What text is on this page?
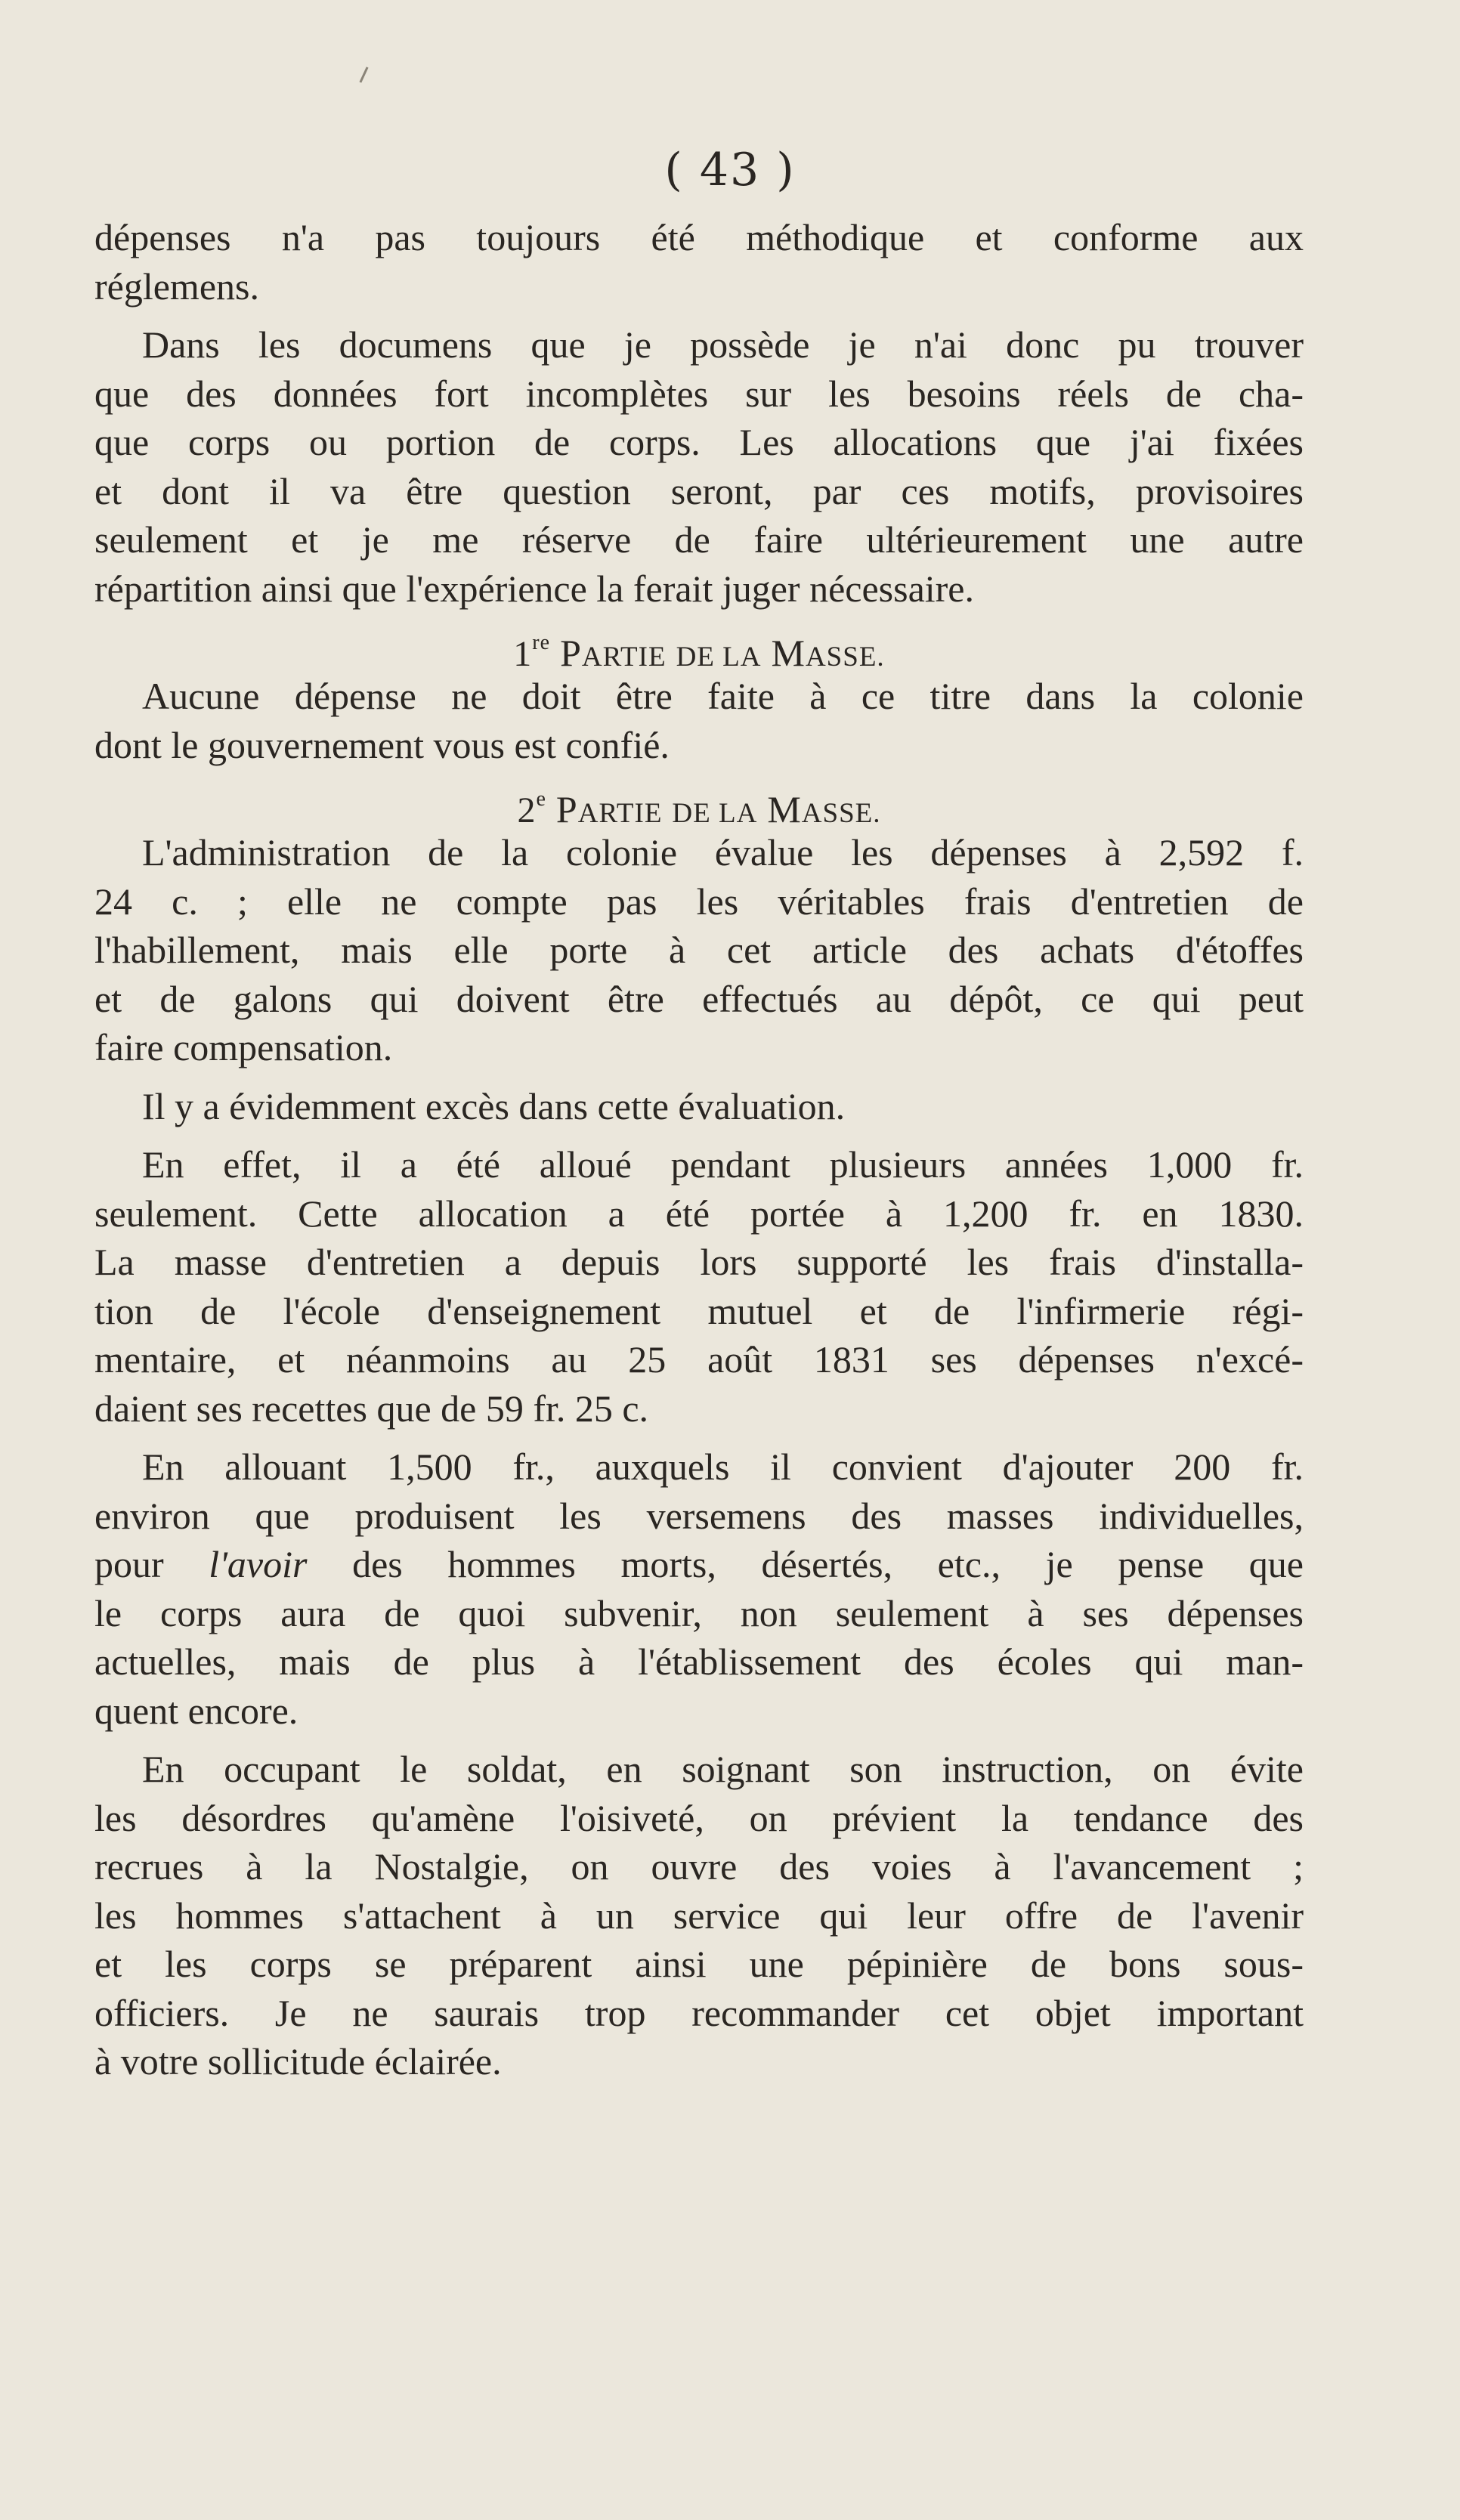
( 43 )
dépenses n'a pas toujours été méthodique et conforme aux
réglemens.
Dans les documens que je possède je n'ai donc pu trouver
que des données fort incomplètes sur les besoins réels de cha-
que corps ou portion de corps. Les allocations que j'ai fixées
et dont il va être question seront, par ces motifs, provisoires
seulement et je me réserve de faire ultérieurement une autre
répartition ainsi que l'expérience la ferait juger nécessaire.
1re PARTIE DE LA MASSE.
Aucune dépense ne doit être faite à ce titre dans la colonie
dont le gouvernement vous est confié.
2e PARTIE DE LA MASSE.
L'administration de la colonie évalue les dépenses à 2,592 f.
24 c. ; elle ne compte pas les véritables frais d'entretien de
l'habillement, mais elle porte à cet article des achats d'étoffes
et de galons qui doivent être effectués au dépôt, ce qui peut
faire compensation.
Il y a évidemment excès dans cette évaluation.
En effet, il a été alloué pendant plusieurs années 1,000 fr.
seulement. Cette allocation a été portée à 1,200 fr. en 1830.
La masse d'entretien a depuis lors supporté les frais d'installa-
tion de l'école d'enseignement mutuel et de l'infirmerie régi-
mentaire, et néanmoins au 25 août 1831 ses dépenses n'excé-
daient ses recettes que de 59 fr. 25 c.
En allouant 1,500 fr., auxquels il convient d'ajouter 200 fr.
environ que produisent les versemens des masses individuelles,
pour l'avoir des hommes morts, désertés, etc., je pense que
le corps aura de quoi subvenir, non seulement à ses dépenses
actuelles, mais de plus à l'établissement des écoles qui man-
quent encore.
En occupant le soldat, en soignant son instruction, on évite
les désordres qu'amène l'oisiveté, on prévient la tendance des
recrues à la Nostalgie, on ouvre des voies à l'avancement ;
les hommes s'attachent à un service qui leur offre de l'avenir
et les corps se préparent ainsi une pépinière de bons sous-
officiers. Je ne saurais trop recommander cet objet important
à votre sollicitude éclairée.
